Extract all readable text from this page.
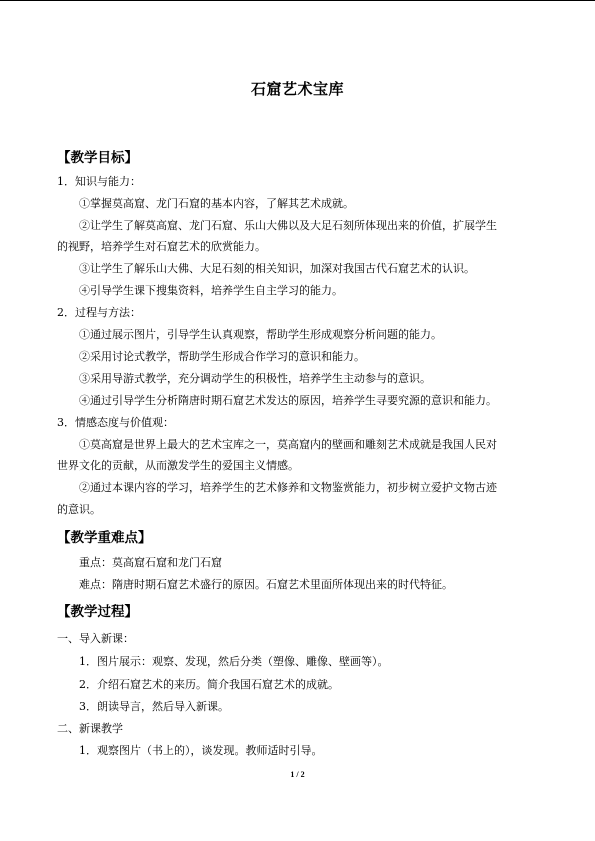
石窟艺术宝库
【教学目标】
1．知识与能力：
①掌握莫高窟、龙门石窟的基本内容，了解其艺术成就。
②让学生了解莫高窟、龙门石窟、乐山大佛以及大足石刻所体现出来的价值，扩展学生
的视野，培养学生对石窟艺术的欣赏能力。
③让学生了解乐山大佛、大足石刻的相关知识，加深对我国古代石窟艺术的认识。
④引导学生课下搜集资料，培养学生自主学习的能力。
2．过程与方法：
①通过展示图片，引导学生认真观察，帮助学生形成观察分析问题的能力。
②采用讨论式教学，帮助学生形成合作学习的意识和能力。
③采用导游式教学，充分调动学生的积极性，培养学生主动参与的意识。
④通过引导学生分析隋唐时期石窟艺术发达的原因，培养学生寻要究源的意识和能力。
3．情感态度与价值观：
①莫高窟是世界上最大的艺术宝库之一，莫高窟内的壁画和雕刻艺术成就是我国人民对
世界文化的贡献，从而激发学生的爱国主义情感。
②通过本课内容的学习，培养学生的艺术修养和文物鉴赏能力，初步树立爱护文物古迹
的意识。
【教学重难点】
重点：莫高窟石窟和龙门石窟
难点：隋唐时期石窟艺术盛行的原因。石窟艺术里面所体现出来的时代特征。
【教学过程】
一、导入新课：
1．图片展示：观察、发现，然后分类（塑像、雕像、壁画等）。
2．介绍石窟艺术的来历。简介我国石窟艺术的成就。
3．朗读导言，然后导入新课。
二、新课教学
1．观察图片（书上的），谈发现。教师适时引导。
1 / 2
